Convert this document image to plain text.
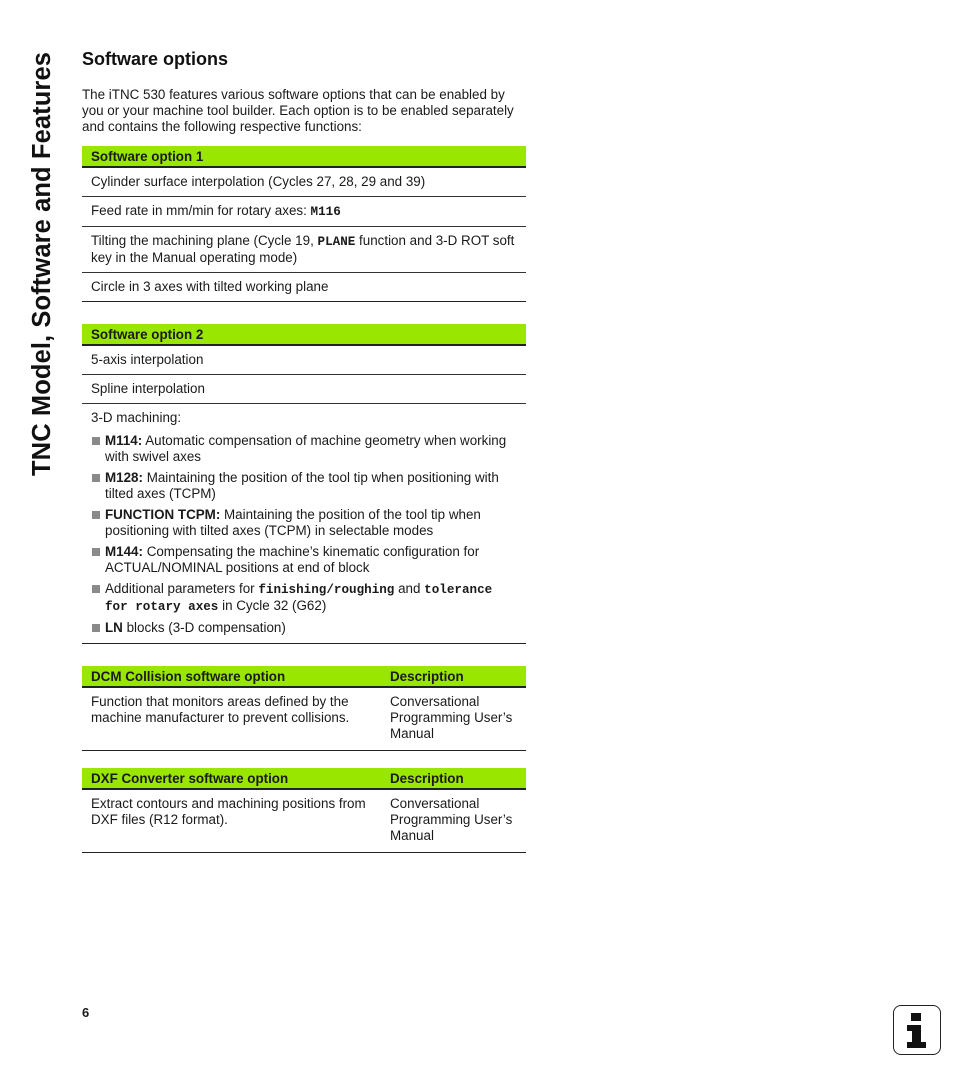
TNC Model, Software and Features Software options

The iTNC 530 features various software options that can be enabled by you or your machine tool builder. Each option is to be enabled separately and contains the following respective functions:

Software option 1
Cylinder surface interpolation (Cycles 27, 28, 29 and 39)
Feed rate in mm/min for rotary axes: M116
Tilting the machining plane (Cycle 19, PLANE function and 3-D ROT soft key in the Manual operating mode)
Circle in 3 axes with tilted working plane
Software option 2
5-axis interpolation
Spline interpolation
3-D machining:
M114: Automatic compensation of machine geometry when working with swivel axes
M128: Maintaining the position of the tool tip when positioning with tilted axes (TCPM)
FUNCTION TCPM: Maintaining the position of the tool tip when positioning with tilted axes (TCPM) in selectable modes
M144: Compensating the machine’s kinematic configuration for ACTUAL/NOMINAL positions at end of block
Additional parameters for finishing/roughing and tolerance for rotary axes in Cycle 32 (G62)
LN blocks (3-D compensation)
DCM Collision software option	Description
Function that monitors areas defined by the machine manufacturer to prevent collisions.
Conversational Programming User’s Manual
DXF Converter software option	Description
Extract contours and machining positions from DXF files (R12 format).
Conversational Programming User’s Manual
6
